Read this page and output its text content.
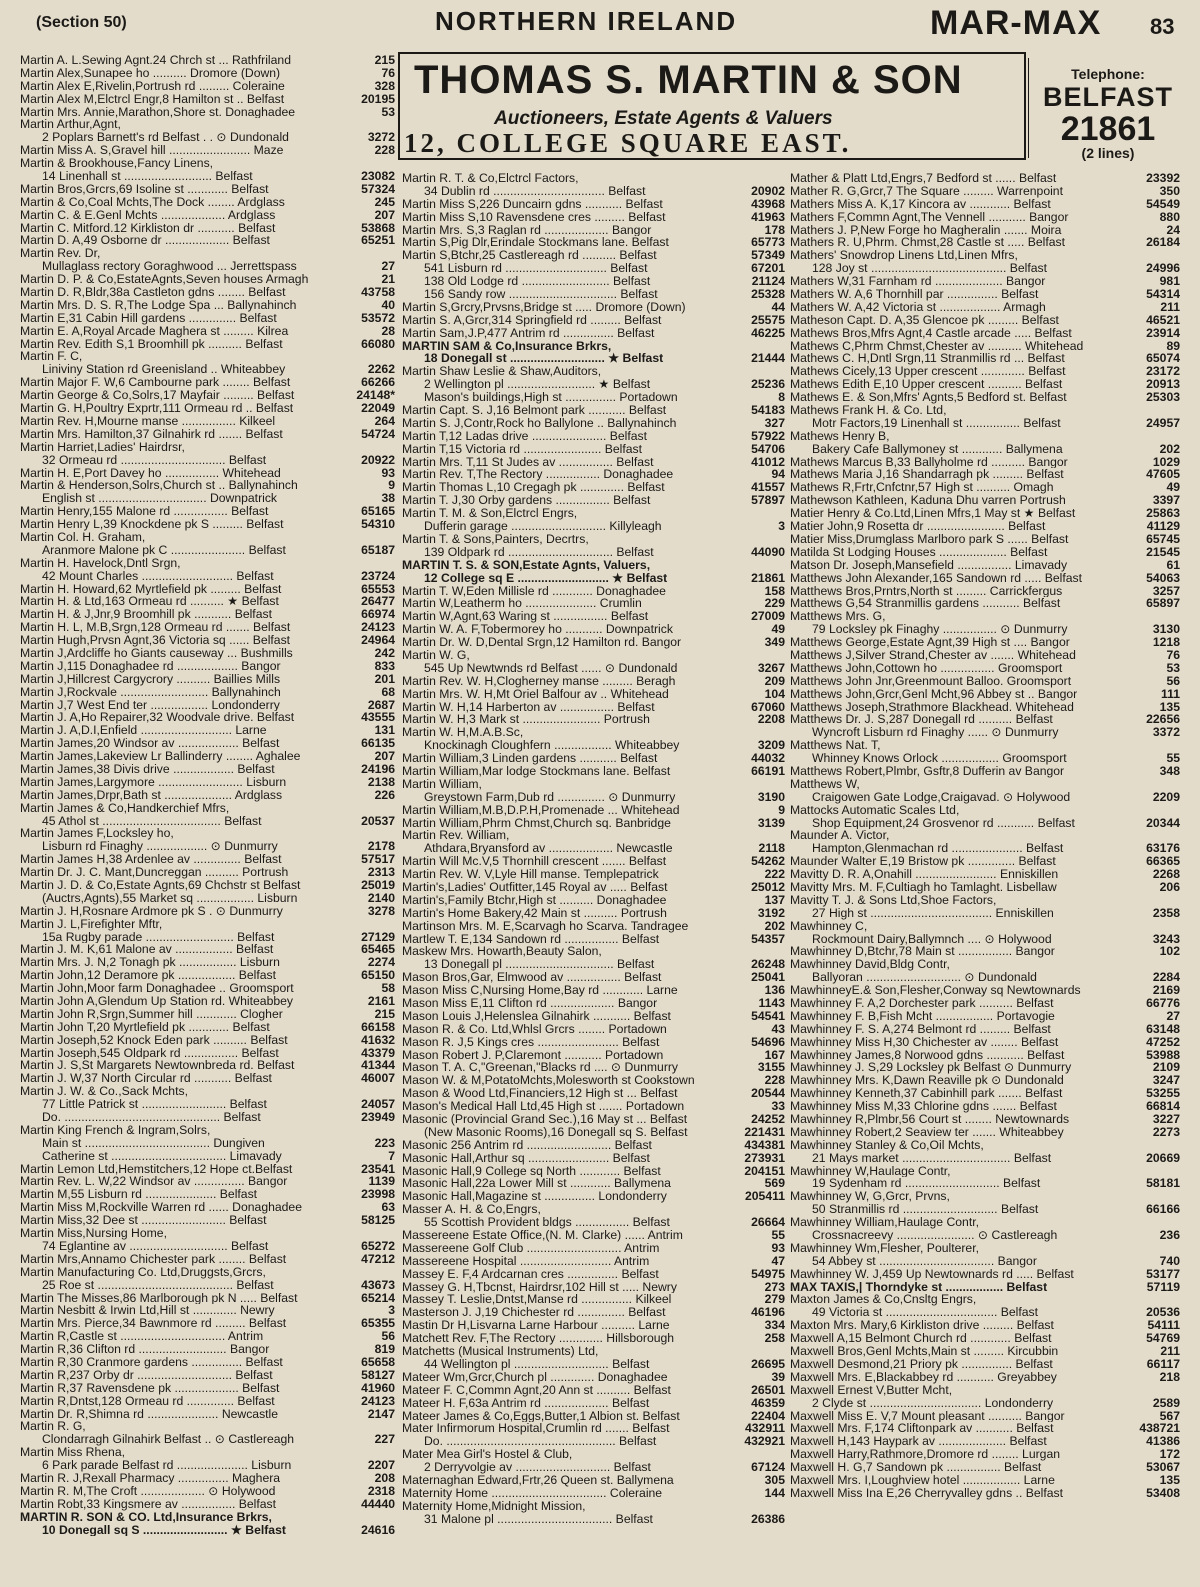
(Section 50)	NORTHERN IRELAND	MAR-MAX 83
THOMAS S. MARTIN & SON
Auctioneers, Estate Agents & Valuers
12, COLLEGE SQUARE EAST.
Telephone:
BELFAST
21861
(2 lines)
Martin A. L.Sewing Agnt.24 Chrch st ... Rathfriland	215
Martin Alex,Sunapee ho .......... Dromore (Down)	76
Martin Alex E,Rivelin,Portrush rd ......... Coleraine	328
Martin Alex M,Elctrcl Engr,8 Hamilton st .. Belfast	20195
Martin Mrs. Annie,Marathon,Shore st. Donaghadee	53
Martin Arthur,Agnt,
2 Poplars Barnett's rd Belfast . . ⊙ Dundonald	3272
Martin Miss A. S,Gravel hill ........................ Maze	228
Martin & Brookhouse,Fancy Linens,
14 Linenhall st .......................... Belfast	23082
Martin Bros,Grcrs,69 Isoline st ............ Belfast	57324
Martin & Co,Coal Mchts,The Dock ........ Ardglass	245
Martin C. & E.Genl Mchts ................... Ardglass	207
Martin C. Mitford.12 Kirkliston dr ........... Belfast	53868
Martin D. A,49 Osborne dr ................... Belfast	65251
Martin Rev. Dr,
Mullaglass rectory Goraghwood ... Jerrettspass	27
Martin D. P. & Co,EstateAgnts,Seven houses Armagh	21
Martin D. R,Bldr,38a Castleton gdns ........ Belfast	43758
Martin Mrs. D. S. R,The Lodge Spa ... Ballynahinch	40
Martin E,31 Cabin Hill gardens .............. Belfast	53572
Martin E. A,Royal Arcade Maghera st ......... Kilrea	28
Martin Rev. Edith S,1 Broomhill pk .......... Belfast	66080
Martin F. C,
Liniviny Station rd Greenisland .. Whiteabbey	2262
Martin Major F. W,6 Cambourne park ........ Belfast	66266
Martin George & Co,Solrs,17 Mayfair ......... Belfast	24148*
Martin G. H,Poultry Exprtr,111 Ormeau rd .. Belfast	22049
Martin Rev. H,Mourne manse ................ Kilkeel	264
Martin Mrs. Hamilton,37 Gilnahirk rd ....... Belfast	54724
Martin Harriet,Ladies' Hairdrsr,
32 Ormeau rd ............................... Belfast	20922
Martin H. E,Port Davey ho ................ Whitehead	93
Martin & Henderson,Solrs,Church st .. Ballynahinch	9
English st ................................ Downpatrick	38
Martin Henry,155 Malone rd ................ Belfast	65165
Martin Henry L,39 Knockdene pk S ......... Belfast	54310
Martin Col. H. Graham,
Aranmore Malone pk C ...................... Belfast	65187
Martin H. Havelock,Dntl Srgn,
42 Mount Charles ........................... Belfast	23724
Martin H. Howard,62 Myrtlefield pk ......... Belfast	65553
Martin H. & Ltd,163 Ormeau rd .......... ★ Belfast	26477
Martin H. & J,Jnr,9 Broomhill pk ........... Belfast	66974
Martin H. L, M.B,Srgn,128 Ormeau rd ....... Belfast	24123
Martin Hugh,Prvsn Agnt,36 Victoria sq ...... Belfast	24964
Martin J,Ardcliffe ho Giants causeway ... Bushmills	242
Martin J,115 Donaghadee rd .................. Bangor	833
Martin J,Hillcrest Cargycrory .......... Baillies Mills	201
Martin J,Rockvale .......................... Ballynahinch	68
Martin J,7 West End ter ................. Londonderry	2687
Martin J. A,Ho Repairer,32 Woodvale drive. Belfast	43555
Martin J. A,D.I,Enfield ........................... Larne	131
Martin James,20 Windsor av .................. Belfast	66135
Martin James,Lakeview Lr Ballinderry ........ Aghalee	207
Martin James,38 Divis drive .................. Belfast	24196
Martin James,Largymore ......................... Lisburn	2138
Martin James,Drpr,Bath st .................... Ardglass	226
Martin James & Co,Handkerchief Mfrs,
45 Athol st ................................... Belfast	20537
Martin James F,Locksley ho,
Lisburn rd Finaghy .................. ⊙ Dunmurry	2178
Martin James H,38 Ardenlee av .............. Belfast	57517
Martin Dr. J. C. Mant,Duncreggan .......... Portrush	2313
Martin J. D. & Co,Estate Agnts,69 Chchstr st Belfast	25019
(Auctrs,Agnts),55 Market sq ................. Lisburn	2140
Martin J. H,Rosnare Ardmore pk S . ⊙ Dunmurry	3278
Martin J. L,Firefighter Mftr,
15a Rugby parade .......................... Belfast	27129
Martin J. M. K,61 Malone av ................. Belfast	65465
Martin Mrs. J. N,2 Tonagh pk ................. Lisburn	2274
Martin John,12 Deramore pk ................. Belfast	65150
Martin John,Moor farm Donaghadee .. Groomsport	58
Martin John A,Glendum Up Station rd. Whiteabbey	2161
Martin John R,Srgn,Summer hill ............ Clogher	215
Martin John T,20 Myrtlefield pk ............ Belfast	66158
Martin Joseph,52 Knock Eden park .......... Belfast	41632
Martin Joseph,545 Oldpark rd ................ Belfast	43379
Martin J. S,St Margarets Newtownbreda rd. Belfast	41344
Martin J. W,37 North Circular rd ........... Belfast	46007
Martin J. W. & Co.,Sack Mchts,
77 Little Patrick st ......................... Belfast	24057
Do. .............................................. Belfast	23949
Martin King French & Ingram,Solrs,
Main st ..................................... Dungiven	223
Catherine st .................................. Limavady	7
Martin Lemon Ltd,Hemstitchers,12 Hope ct.Belfast	23541
Martin Rev. L. W,22 Windsor av ............... Bangor	1139
Martin M,55 Lisburn rd ..................... Belfast	23998
Martin Miss M,Rockville Warren rd ...... Donaghadee	63
Martin Miss,32 Dee st ......................... Belfast	58125
Martin Miss,Nursing Home,
74 Eglantine av ............................. Belfast	65272
Martin Mrs,Annamo Chichester park ........ Belfast	47212
Martin Manufacturing Co. Ltd,Druggsts,Grcrs,
25 Roe st ........................................ Belfast	43673
Martin The Misses,86 Marlborough pk N ..... Belfast	65214
Martin Nesbitt & Irwin Ltd,Hill st ............. Newry	3
Martin Mrs. Pierce,34 Bawnmore rd ......... Belfast	65355
Martin R,Castle st ............................... Antrim	56
Martin R,36 Clifton rd .......................... Bangor	819
Martin R,30 Cranmore gardens ............... Belfast	65658
Martin R,237 Orby dr ............................ Belfast	58127
Martin R,37 Ravensdene pk ................... Belfast	41960
Martin R,Dntst,128 Ormeau rd .............. Belfast	24123
Martin Dr. R,Shimna rd ..................... Newcastle	2147
Martin R. G,
Clondarragh Gilnahirk Belfast .. ⊙ Castlereagh	227
Martin Miss Rhena,
6 Park parade Belfast rd ..................... Lisburn	2207
Martin R. J,Rexall Pharmacy ............... Maghera	208
Martin R. M,The Croft ................... ⊙ Holywood	2318
Martin Robt,33 Kingsmere av ................ Belfast	44440
MARTIN R. SON & CO. Ltd,Insurance Brkrs,
10 Donegall sq S ......................... ★ Belfast	24616
Martin R. T. & Co,Elctrcl Factors,
34 Dublin rd ................................. Belfast	20902
Martin Miss S,226 Duncairn gdns ........... Belfast	43968
Martin Miss S,10 Ravensdene cres ......... Belfast	41963
Martin Mrs. S,3 Raglan rd ................... Bangor	178
Martin S,Pig Dlr,Erindale Stockmans lane. Belfast	65773
Martin S,Btchr,25 Castlereagh rd .......... Belfast	57349
541 Lisburn rd .............................. Belfast	67201
138 Old Lodge rd .......................... Belfast	21124
156 Sandy row ................................ Belfast	25328
Martin S,Grcry,Prvsns,Bridge st ..... Dromore (Down)	44
Martin S. A,Grcr,314 Springfield rd ......... Belfast	25575
Martin Sam,J.P,477 Antrim rd ............... Belfast	46225
MARTIN SAM & Co,Insurance Brkrs,
18 Donegall st ............................ ★ Belfast	21444
Martin Shaw Leslie & Shaw,Auditors,
2 Wellington pl .......................... ★ Belfast	25236
Mason's buildings,High st ............... Portadown	8
Martin Capt. S. J,16 Belmont park ........... Belfast	54183
Martin S. J,Contr,Rock ho Ballylone .. Ballynahinch	327
Martin T,12 Ladas drive ...................... Belfast	57922
Martin T,15 Victoria rd ....................... Belfast	54706
Martin Mrs. T,11 St Judes av ................ Belfast	41012
Martin Rev. T,The Rectory ................ Donaghadee	94
Martin Thomas L,10 Cregagh pk ............. Belfast	41557
Martin T. J,30 Orby gardens ................ Belfast	57897
Martin T. M. & Son,Elctrcl Engrs,
Dufferin garage ............................ Killyleagh	3
Martin T. & Sons,Painters, Decrtrs,
139 Oldpark rd ............................... Belfast	44090
MARTIN T. S. & SON,Estate Agnts, Valuers,
12 College sq E ........................... ★ Belfast	21861
Martin T. W,Eden Millisle rd ............ Donaghadee	158
Martin W,Leatherm ho ..................... Crumlin	229
Martin W,Agnt,63 Waring st ................ Belfast	27009
Martin W. A. F,Tobermorey ho ........... Downpatrick	49
Martin Dr. W. D,Dental Srgn,12 Hamilton rd. Bangor	349
Martin W. G,
545 Up Newtwnds rd Belfast ...... ⊙ Dundonald	3267
Martin Rev. W. H,Clogherney manse ......... Beragh	209
Martin Mrs. W. H,Mt Oriel Balfour av .. Whitehead	104
Martin W. H,14 Harberton av ................ Belfast	67060
Martin W. H,3 Mark st ....................... Portrush	2208
Martin W. H,M.A.B.Sc,
Knockinagh Cloughfern ................. Whiteabbey	3209
Martin William,3 Linden gardens ........... Belfast	44032
Martin William,Mar lodge Stockmans lane. Belfast	66191
Martin William,
Greystown Farm,Dub rd .............. ⊙ Dunmurry	3190
Martin William,M.B,D.P.H,Promenade ... Whitehead	9
Martin William,Phrm Chmst,Church sq. Banbridge	3139
Martin Rev. William,
Athdara,Bryansford av ................... Newcastle	2118
Martin Will Mc.V,5 Thornhill crescent ....... Belfast	54262
Martin Rev. W. V,Lyle Hill manse. Templepatrick	222
Martin's,Ladies' Outfitter,145 Royal av ..... Belfast	25012
Martin's,Family Btchr,High st .......... Donaghadee	137
Martin's Home Bakery,42 Main st .......... Portrush	3192
Martinson Mrs. M. E,Scarvagh ho Scarva. Tandragee	202
Martlew T. E,134 Sandown rd ................ Belfast	54357
Maskew Mrs. Howarth,Beauty Salon,
13 Donegall pl ................................ Belfast	26248
Mason Bros,Gar, Elmwood av ................ Belfast	25041
Mason Miss C,Nursing Home,Bay rd ............ Larne	136
Mason Miss E,11 Clifton rd ................... Bangor	1143
Mason Louis J,Helenslea Gilnahirk ........... Belfast	54541
Mason R. & Co. Ltd,Whlsl Grcrs ........ Portadown	43
Mason R. J,5 Kings cres ........................ Belfast	54696
Mason Robert J. P,Claremont ........... Portadown	167
Mason T. A. C,"Greenan,"Blacks rd .... ⊙ Dunmurry	3155
Mason W. & M,PotatoMchts,Molesworth st Cookstown	228
Mason & Wood Ltd,Financiers,12 High st ... Belfast	20544
Mason's Medical Hall Ltd,45 High st ....... Portadown	33
Masonic (Provincial Grand Sec.),16 May st ... Belfast	24252
(New Masonic Rooms),16 Donegall sq S. Belfast	221431
Masonic 256 Antrim rd ......................... Belfast	434381
Masonic Hall,Arthur sq ........................ Belfast	273931
Masonic Hall,9 College sq North ............ Belfast	204151
Masonic Hall,22a Lower Mill st ............ Ballymena	569
Masonic Hall,Magazine st ............... Londonderry	205411
Masser A. H. & Co,Engrs,
55 Scottish Provident bldgs ................ Belfast	26664
Massereene Estate Office,(N. M. Clarke) ...... Antrim	55
Massereene Golf Club ............................ Antrim	93
Massereene Hospital ........................... Antrim	47
Massey E. F,4 Ardcarnan cres ............... Belfast	54975
Massey G. H,Tbcnst, Hairdrsr,102 Hill st ..... Newry	273
Massey T. Leslie,Dntst,Manse rd ............... Kilkeel	279
Masterson J. J,19 Chichester rd .............. Belfast	46196
Mastin Dr H,Lisvarna Larne Harbour .......... Larne	334
Matchett Rev. F,The Rectory ............. Hillsborough	258
Matchetts (Musical Instruments) Ltd,
44 Wellington pl ............................ Belfast	26695
Mateer Wm,Grcr,Church pl ............. Donaghadee	39
Mateer F. C,Commn Agnt,20 Ann st .......... Belfast	26501
Mateer H. F,63a Antrim rd ................... Belfast	46359
Mateer James & Co,Eggs,Butter,1 Albion st. Belfast	22404
Mater Infirmorum Hospital,Crumlin rd ....... Belfast	432911
Do. .................................................. Belfast	432921
Mater Mea Girl's Hostel & Club,
2 Derryvolgie av ............................ Belfast	67124
Maternaghan Edward,Frtr,26 Queen st. Ballymena	305
Maternity Home .................................. Coleraine	144
Maternity Home,Midnight Mission,
31 Malone pl .................................. Belfast	26386
Mather & Platt Ltd,Engrs,7 Bedford st ...... Belfast	23392
Mather R. G,Grcr,7 The Square ......... Warrenpoint	350
Mathers Miss A. K,17 Kincora av ............ Belfast	54549
Mathers F,Commn Agnt,The Vennell ........... Bangor	880
Mathers J. P,New Forge ho Magheralin ....... Moira	24
Mathers R. U,Phrm. Chmst,28 Castle st ..... Belfast	26184
Mathers' Snowdrop Linens Ltd,Linen Mfrs,
128 Joy st ........................................ Belfast	24996
Mathers W,31 Farnham rd .................... Bangor	981
Mathers W. A,6 Thornhill par ............... Belfast	54314
Mathers W. A,42 Victoria st .................. Armagh	211
Matheson Capt. D. A,35 Glencoe pk ......... Belfast	46521
Mathews Bros,Mfrs Agnt,4 Castle arcade ..... Belfast	23914
Mathews C,Phrm Chmst,Chester av .......... Whitehead	89
Mathews C. H,Dntl Srgn,11 Stranmillis rd ... Belfast	65074
Mathews Cicely,13 Upper crescent ............. Belfast	23172
Mathews Edith E,10 Upper crescent .......... Belfast	20913
Mathews E. & Son,Mfrs' Agnts,5 Bedford st. Belfast	25303
Mathews Frank H. & Co. Ltd,
Motr Factors,19 Linenhall st ................ Belfast	24957
Mathews Henry B,
Bakery Cafe Ballymoney st ............ Ballymena	202
Mathews Marcus B,33 Ballyholme rd .......... Bangor	1029
Mathews Maria J,16 Shandarragh pk ......... Belfast	47605
Mathews R,Frtr,Cnfctnr,57 High st .......... Omagh	49
Mathewson Kathleen, Kaduna Dhu varren Portrush	3397
Matier Henry & Co.Ltd,Linen Mfrs,1 May st ★ Belfast	25863
Matier John,9 Rosetta dr ....................... Belfast	41129
Matier Miss,Drumglass Marlboro park S ...... Belfast	65745
Matilda St Lodging Houses .................... Belfast	21545
Matson Dr. Joseph,Mansefield ................ Limavady	61
Matthews John Alexander,165 Sandown rd ..... Belfast	54063
Matthews Bros,Prntrs,North st ......... Carrickfergus	3257
Matthews G,54 Stranmillis gardens ........... Belfast	65897
Matthews Mrs. G,
79 Locksley pk Finaghy ................ ⊙ Dunmurry	3130
Matthews George,Estate Agnt,39 High st .... Bangor	1218
Matthews J,Silver Strand,Chester av ....... Whitehead	76
Matthews John,Cottown ho ................ Groomsport	53
Matthews John Jnr,Greenmount Balloo. Groomsport	56
Matthews John,Grcr,Genl Mcht,96 Abbey st .. Bangor	111
Matthews Joseph,Strathmore Blackhead. Whitehead	135
Matthews Dr. J. S,287 Donegall rd .......... Belfast	22656
Wyncroft Lisburn rd Finaghy ...... ⊙ Dunmurry	3372
Matthews Nat. T,
Whinney Knows Orlock ................. Groomsport	55
Matthews Robert,Plmbr, Gsftr,8 Dufferin av Bangor	348
Matthews W,
Craigowen Gate Lodge,Craigavad. ⊙ Holywood	2209
Mattocks Automatic Scales Ltd,
Shop Equipment,24 Grosvenor rd ........... Belfast	20344
Maunder A. Victor,
Hampton,Glenmachan rd ..................... Belfast	63176
Maunder Walter E,19 Bristow pk .............. Belfast	66365
Mavitty D. R. A,Onahill ........................ Enniskillen	2268
Mavitty Mrs. M. F,Cultiagh ho Tamlaght. Lisbellaw	206
Mavitty T. J. & Sons Ltd,Shoe Factors,
27 High st .................................... Enniskillen	2358
Mawhinney C,
Rockmount Dairy,Ballymnch .... ⊙ Holywood	3243
Mawhinney D,Btchr,78 Main st ................ Bangor	102
Mawhinney David,Bldg Contr,
Ballyoran ............................ ⊙ Dundonald	2284
MawhinneyE.& Son,Flesher,Conway sq Newtownards	2169
Mawhinney F. A,2 Dorchester park .......... Belfast	66776
Mawhinney F. B,Fish Mcht ................. Portavogie	27
Mawhinney F. S. A,274 Belmont rd ......... Belfast	63148
Mawhinney Miss H,30 Chichester av ........ Belfast	47252
Mawhinney James,8 Norwood gdns ........... Belfast	53988
Mawhinney J. S,29 Locksley pk Belfast ⊙ Dunmurry	2109
Mawhinney Mrs. K,Dawn Reaville pk ⊙ Dundonald	3247
Mawhinney Kenneth,37 Cabinhill park ....... Belfast	53255
Mawhinney Miss M,33 Chlorine gdns ....... Belfast	66814
Mawhinney R,Plmbr,56 Court st ........ Newtownards	3227
Mawhinney Robert,2 Seaview ter ....... Whiteabbey	2273
Mawhinney Stanley & Co,Oil Mchts,
21 Mays market ................................ Belfast	20669
Mawhinney W,Haulage Contr,
19 Sydenham rd ............................ Belfast	58181
Mawhinney W, G,Grcr, Prvns,
50 Stranmillis rd ............................ Belfast	66166
Mawhinney William,Haulage Contr,
Crossnacreevy ....................... ⊙ Castlereagh	236
Mawhinney Wm,Flesher, Poulterer,
54 Abbey st .................................. Bangor	740
Mawhinney W. J,459 Up Newtownards rd ..... Belfast	53177
MAX TAXIS,| Thorndyke st ................. Belfast	57119
Maxton James & Co,Cnsltg Engrs,
49 Victoria st ................................. Belfast	20536
Maxton Mrs. Mary,6 Kirkliston drive ......... Belfast	54111
Maxwell A,15 Belmont Church rd ............ Belfast	54769
Maxwell Bros,Genl Mchts,Main st ......... Kircubbin	211
Maxwell Desmond,21 Priory pk ............... Belfast	66117
Maxwell Mrs. E,Blackabbey rd ........... Greyabbey	218
Maxwell Ernest V,Butter Mcht,
2 Clyde st ................................. Londonderry	2589
Maxwell Miss E. V,7 Mount pleasant .......... Bangor	567
Maxwell Mrs. F,174 Cliftonpark av ........... Belfast	438721
Maxwell H,143 Haypark av .................... Belfast	41386
Maxwell Harry,Rathmore,Dromore rd ........ Lurgan	172
Maxwell H. G,7 Sandown pk ................ Belfast	53067
Maxwell Mrs. I,Loughview hotel ................. Larne	135
Maxwell Miss Ina E,26 Cherryvalley gdns .. Belfast	53408
